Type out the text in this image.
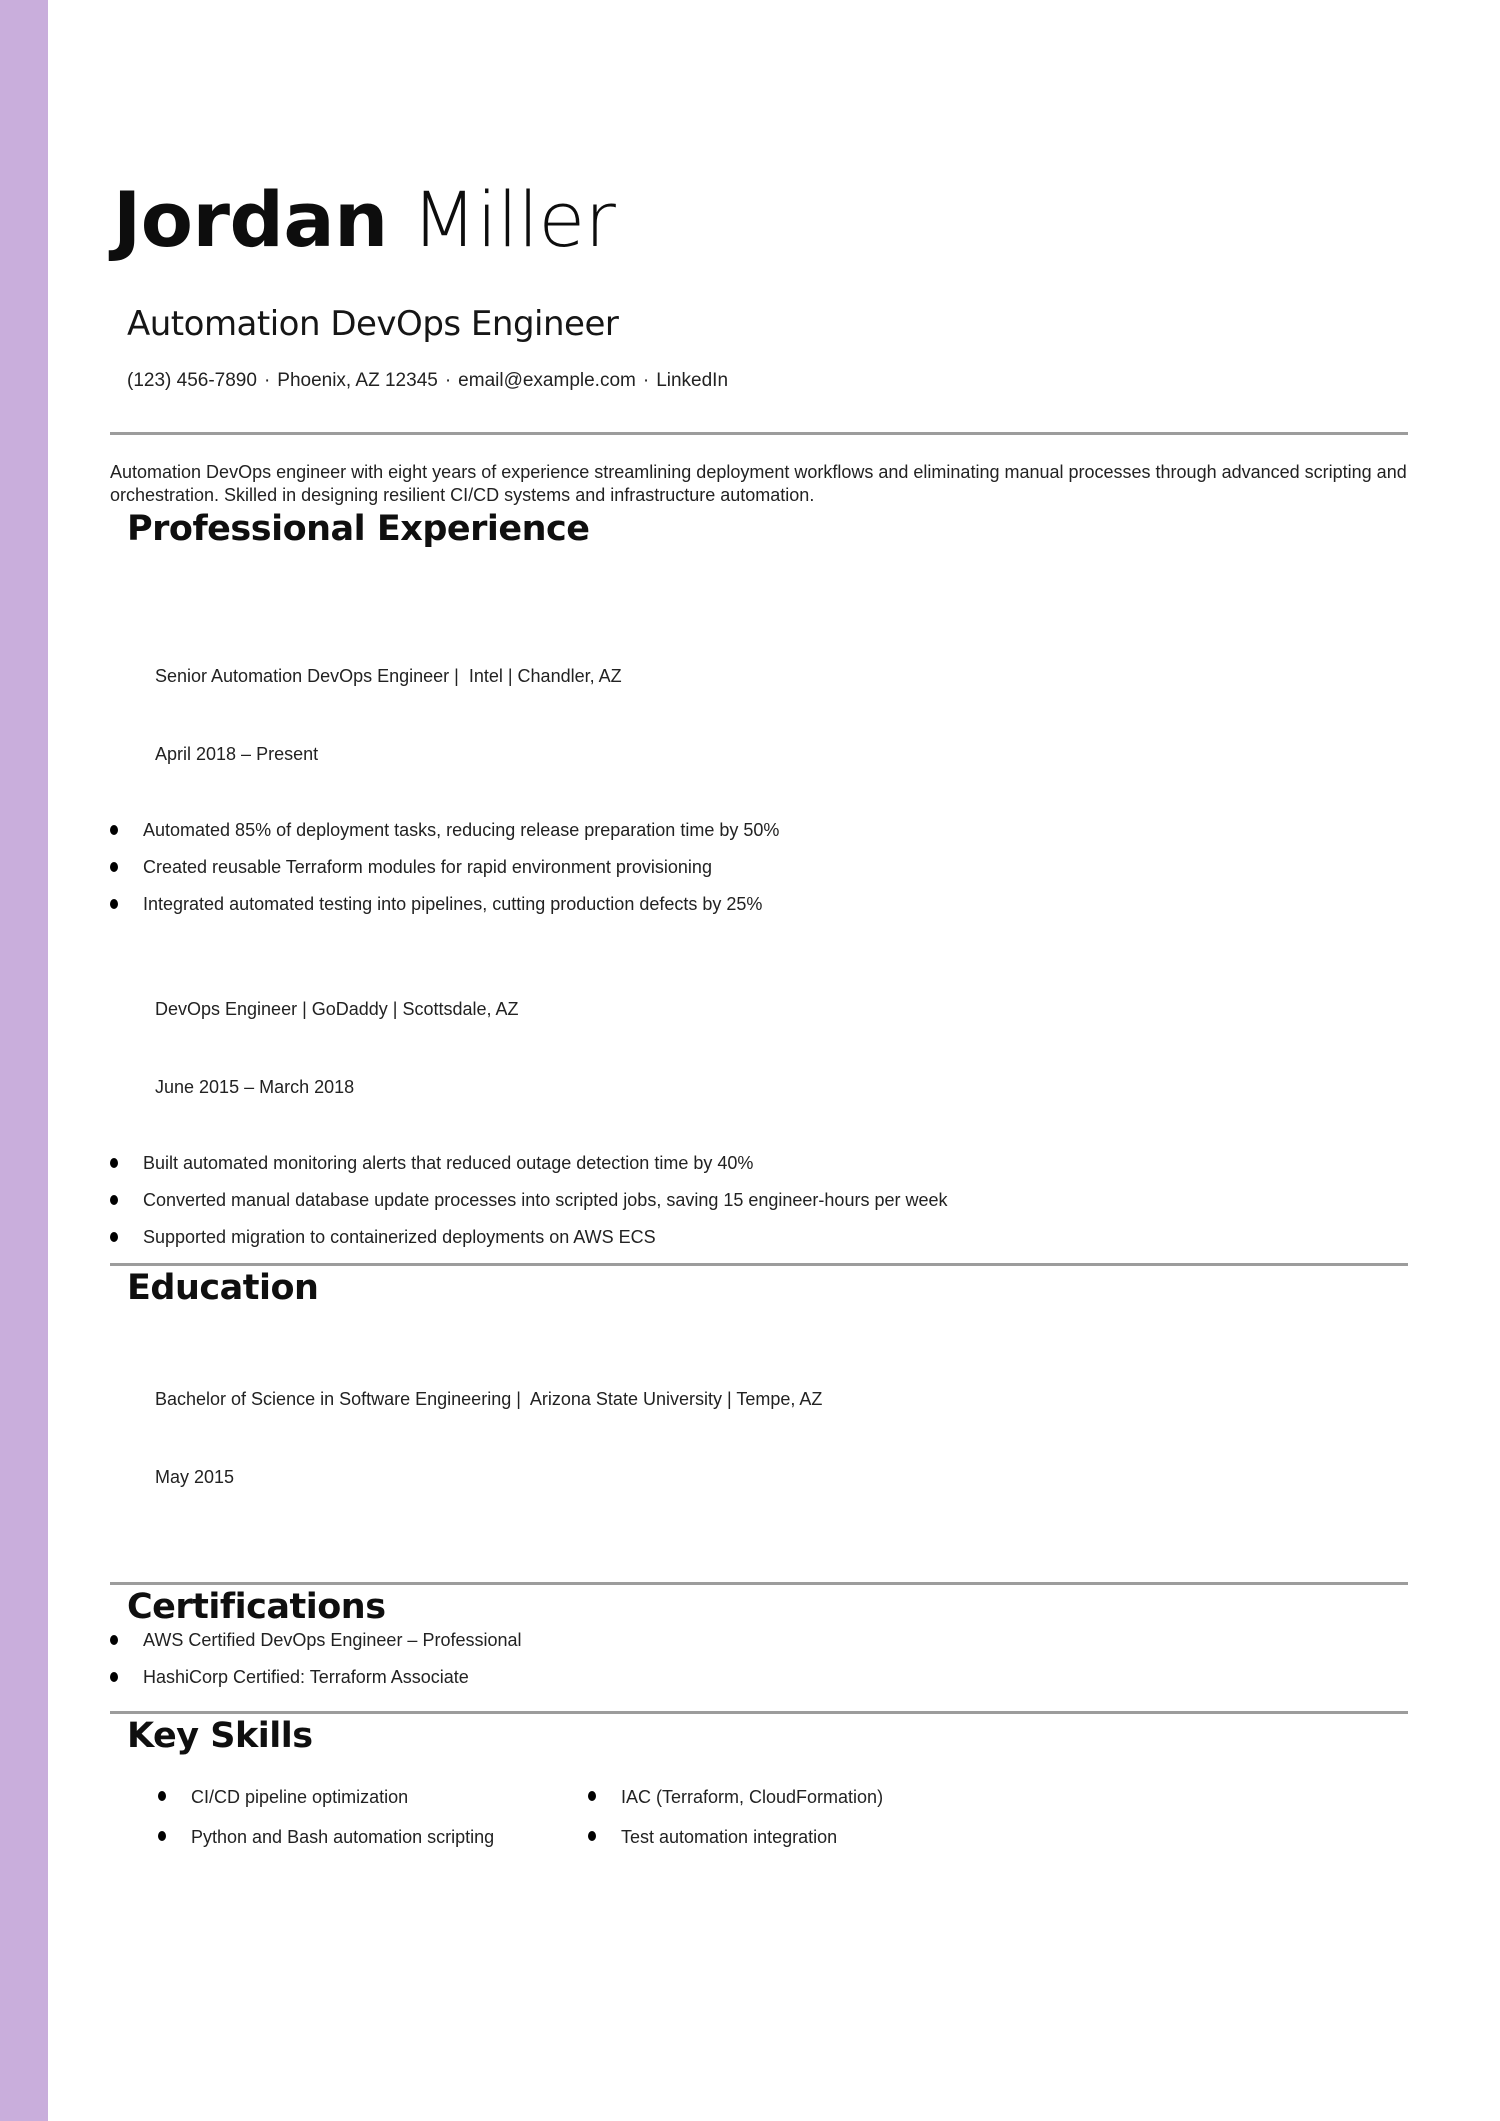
Jordan Miller
Automation DevOps Engineer
(123) 456-7890 · Phoenix, AZ 12345 · email@example.com · LinkedIn

Automation DevOps engineer with eight years of experience streamlining deployment workflows and eliminating manual processes through advanced scripting and orchestration. Skilled in designing resilient CI/CD systems and infrastructure automation.

Professional Experience

Senior Automation DevOps Engineer |  Intel | Chandler, AZ

April 2018 – Present

Automated 85% of deployment tasks, reducing release preparation time by 50%
Created reusable Terraform modules for rapid environment provisioning
Integrated automated testing into pipelines, cutting production defects by 25%

DevOps Engineer | GoDaddy | Scottsdale, AZ

June 2015 – March 2018

Built automated monitoring alerts that reduced outage detection time by 40%
Converted manual database update processes into scripted jobs, saving 15 engineer-hours per week
Supported migration to containerized deployments on AWS ECS
Education

Bachelor of Science in Software Engineering |  Arizona State University | Tempe, AZ

May 2015

Certifications
AWS Certified DevOps Engineer – Professional
HashiCorp Certified: Terraform Associate
Key Skills
CI/CD pipeline optimization
Python and Bash automation scripting
IAC (Terraform, CloudFormation)
Test automation integration
